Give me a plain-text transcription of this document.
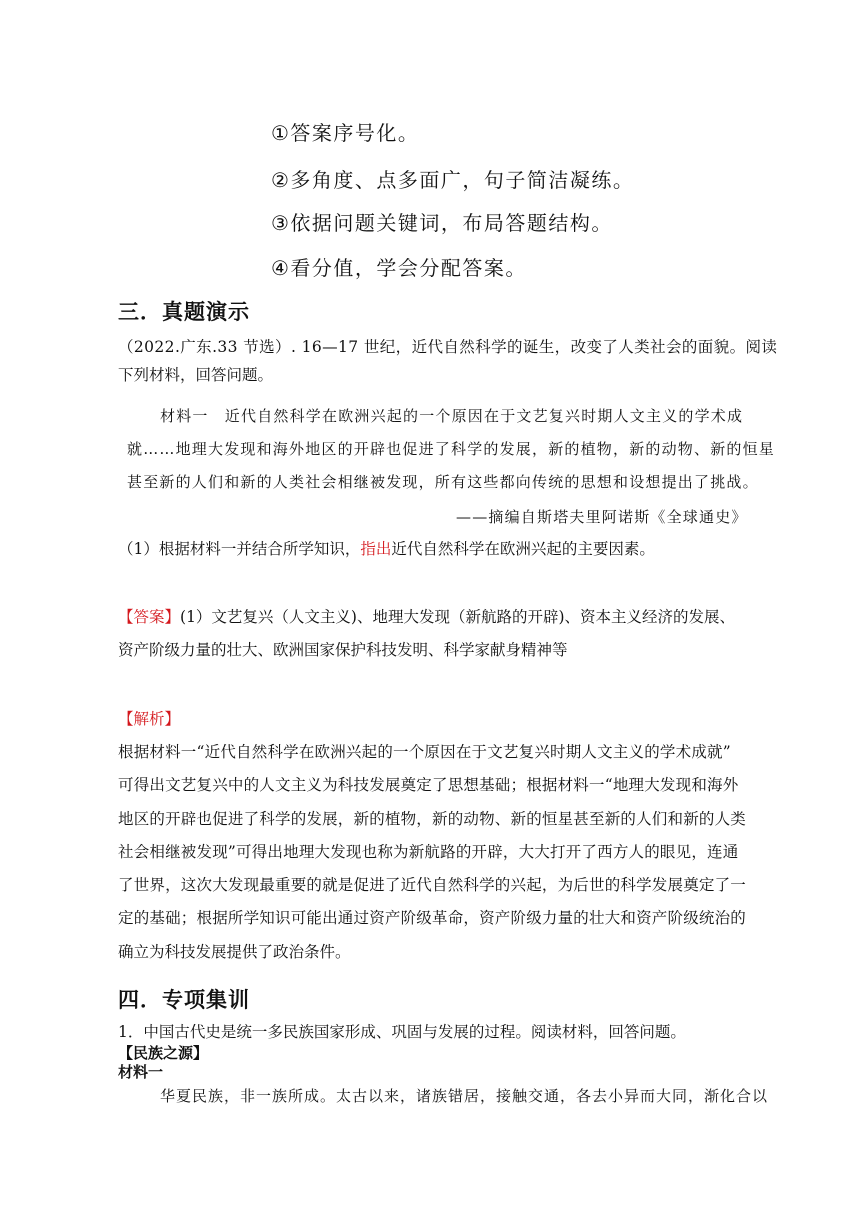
①答案序号化。
②多角度、点多面广，句子简洁凝练。
③依据问题关键词，布局答题结构。
④看分值，学会分配答案。
三．真题演示
（2022.广东.33 节选）. 16—17 世纪，近代自然科学的诞生，改变了人类社会的面貌。阅读
下列材料，回答问题。
材料一　近代自然科学在欧洲兴起的一个原因在于文艺复兴时期人文主义的学术成
就……地理大发现和海外地区的开辟也促进了科学的发展，新的植物，新的动物、新的恒星
甚至新的人们和新的人类社会相继被发现，所有这些都向传统的思想和设想提出了挑战。
——摘编自斯塔夫里阿诺斯《全球通史》
（1）根据材料一并结合所学知识，指出近代自然科学在欧洲兴起的主要因素。
【答案】(1）文艺复兴（人文主义)、地理大发现（新航路的开辟)、资本主义经济的发展、
资产阶级力量的壮大、欧洲国家保护科技发明、科学家献身精神等
【解析】
根据材料一“近代自然科学在欧洲兴起的一个原因在于文艺复兴时期人文主义的学术成就”
可得出文艺复兴中的人文主义为科技发展奠定了思想基础；根据材料一“地理大发现和海外
地区的开辟也促进了科学的发展，新的植物，新的动物、新的恒星甚至新的人们和新的人类
社会相继被发现”可得出地理大发现也称为新航路的开辟，大大打开了西方人的眼见，连通
了世界，这次大发现最重要的就是促进了近代自然科学的兴起，为后世的科学发展奠定了一
定的基础；根据所学知识可能出通过资产阶级革命，资产阶级力量的壮大和资产阶级统治的
确立为科技发展提供了政治条件。
四．专项集训
1．中国古代史是统一多民族国家形成、巩固与发展的过程。阅读材料，回答问题。
【民族之源】
材料一
华夏民族，非一族所成。太古以来，诸族错居，接触交通，各去小异而大同，渐化合以
